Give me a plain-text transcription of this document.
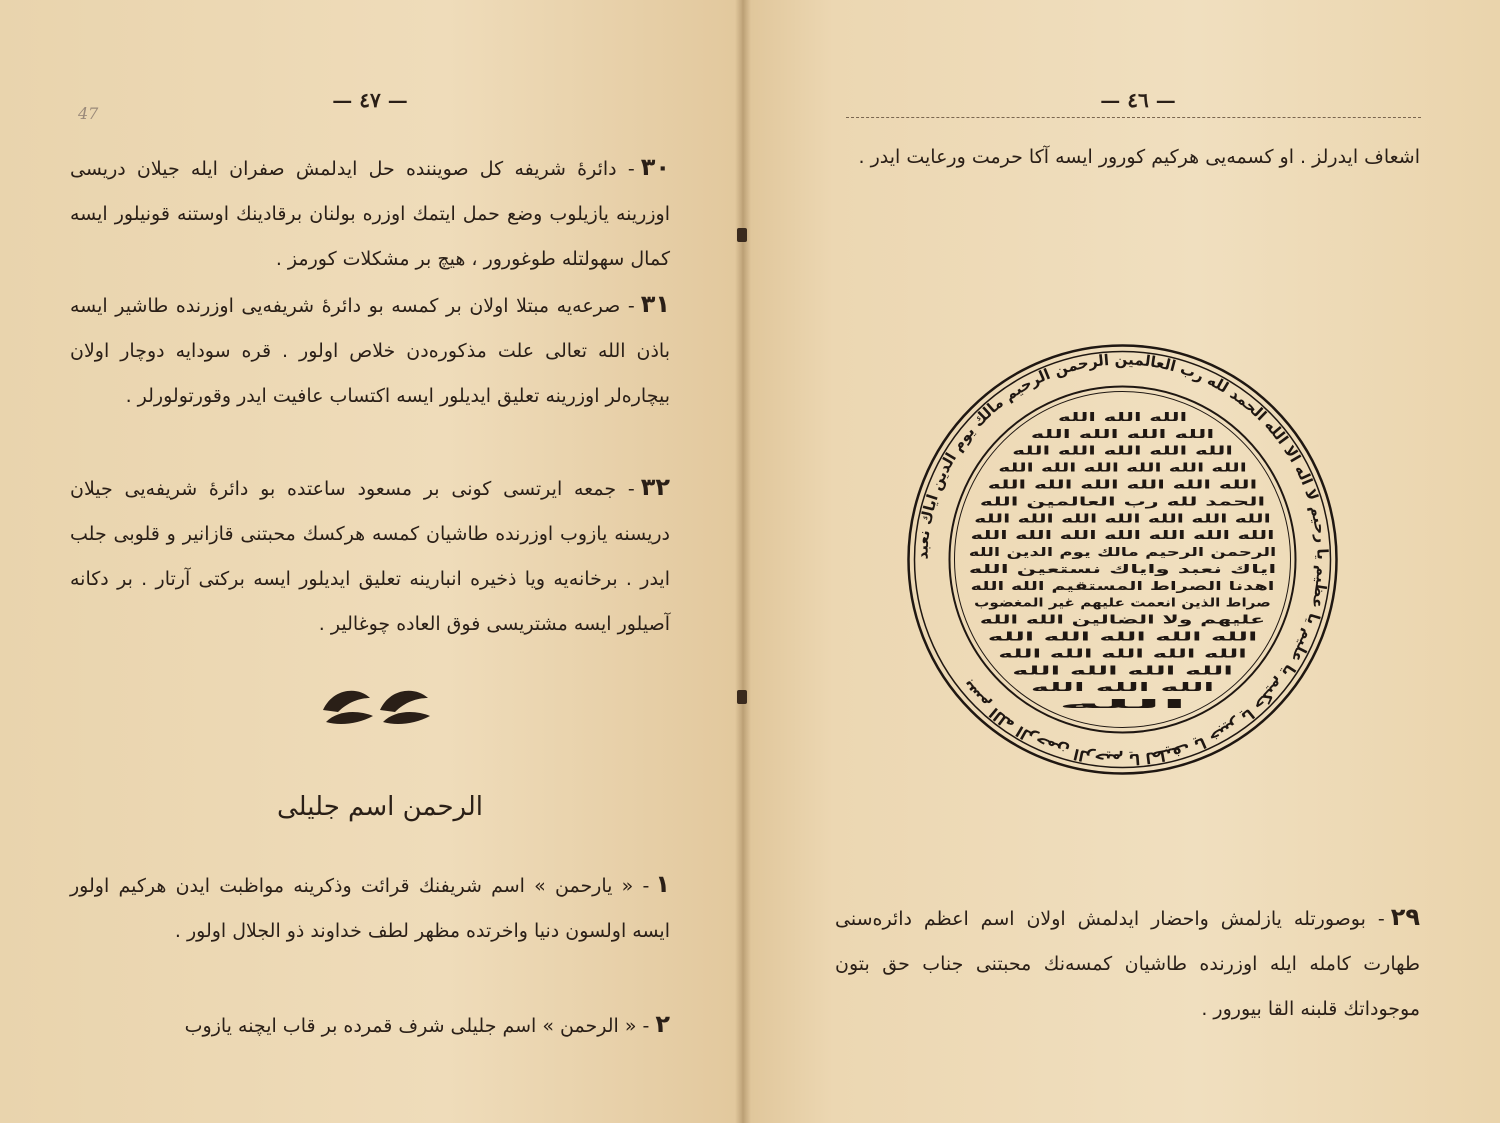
47
— ٤٧ —
٣٠- دائرهٔ شریفه کل صویننده حل ایدلمش صفران ایله جیلان دریسی اوزرینه یازیلوب وضع حمل ایتمك اوزره بولنان برقادینك اوستنه قونیلور ایسه کمال سهولتله طوغورور ، هیچ بر مشکلات کورمز .
٣١- صرعه‌یه مبتلا اولان بر کمسه بو دائرهٔ شریفه‌یی اوزرنده طاشیر ایسه باذن الله تعالی علت مذکوره‌دن خلاص اولور . قره سودایه دوچار اولان بیچاره‌لر اوزرینه تعلیق ایدیلور ایسه اکتساب عافیت ایدر وقورتولورلر .
٣٢- جمعه ایرتسی کونی بر مسعود ساعتده بو دائرهٔ شریفه‌یی جیلان دریسنه یازوب اوزرنده طاشیان کمسه هرکسك محبتنی قازانیر و قلوبی جلب ایدر . برخانه‌یه ویا ذخیره انبارینه تعلیق ایدیلور ایسه برکتی آرتار . بر دکانه آصیلور ایسه مشتریسی فوق العاده چوغالیر .
الرحمن اسم جلیلی
١- « یارحمن » اسم شریفنك قرائت وذکرینه مواظبت ایدن هرکیم اولور ایسه اولسون دنیا واخرتده مظهر لطف خداوند ذو الجلال اولور .
٢- « الرحمن » اسم جلیلی شرف قمرده بر قاب ایچنه یازوب
— ٤٦ —
اشعاف ایدرلز . او کسمه‌یی هرکیم کورور ایسه آکا حرمت ورعایت ایدر .
بسم الله الرحمن الرحیم یا لطیف یا خبیر یا حکیم یا علیم یا عظیم یا رحیم لا اله الا الله الحمد لله رب العالمین الرحمن الرحیم مالك یوم الدین ایاك نعبد
الله الله الله
الله الله الله الله
الله الله الله الله الله
الله الله الله الله الله الله
الله الله الله الله الله الله
الحمد لله رب العالمین الله
الله الله الله الله الله الله الله
الله الله الله الله الله الله الله
الرحمن الرحیم مالك یوم الدین الله
ایاك نعبد وایاك نستعین الله
اهدنا الصراط المستقیم الله الله
صراط الذین انعمت علیهم غیر المغضوب
علیهم ولا الضالین الله الله
الله الله الله الله الله
الله الله الله الله الله
الله الله الله الله
الله الله الله
الله
٢٩- بوصورتله یازلمش واحضار ایدلمش اولان اسم اعظم دائره‌سنی طهارت کامله ایله اوزرنده طاشیان کمسه‌نك محبتنی جناب حق بتون موجوداتك قلبنه القا بیورور .
